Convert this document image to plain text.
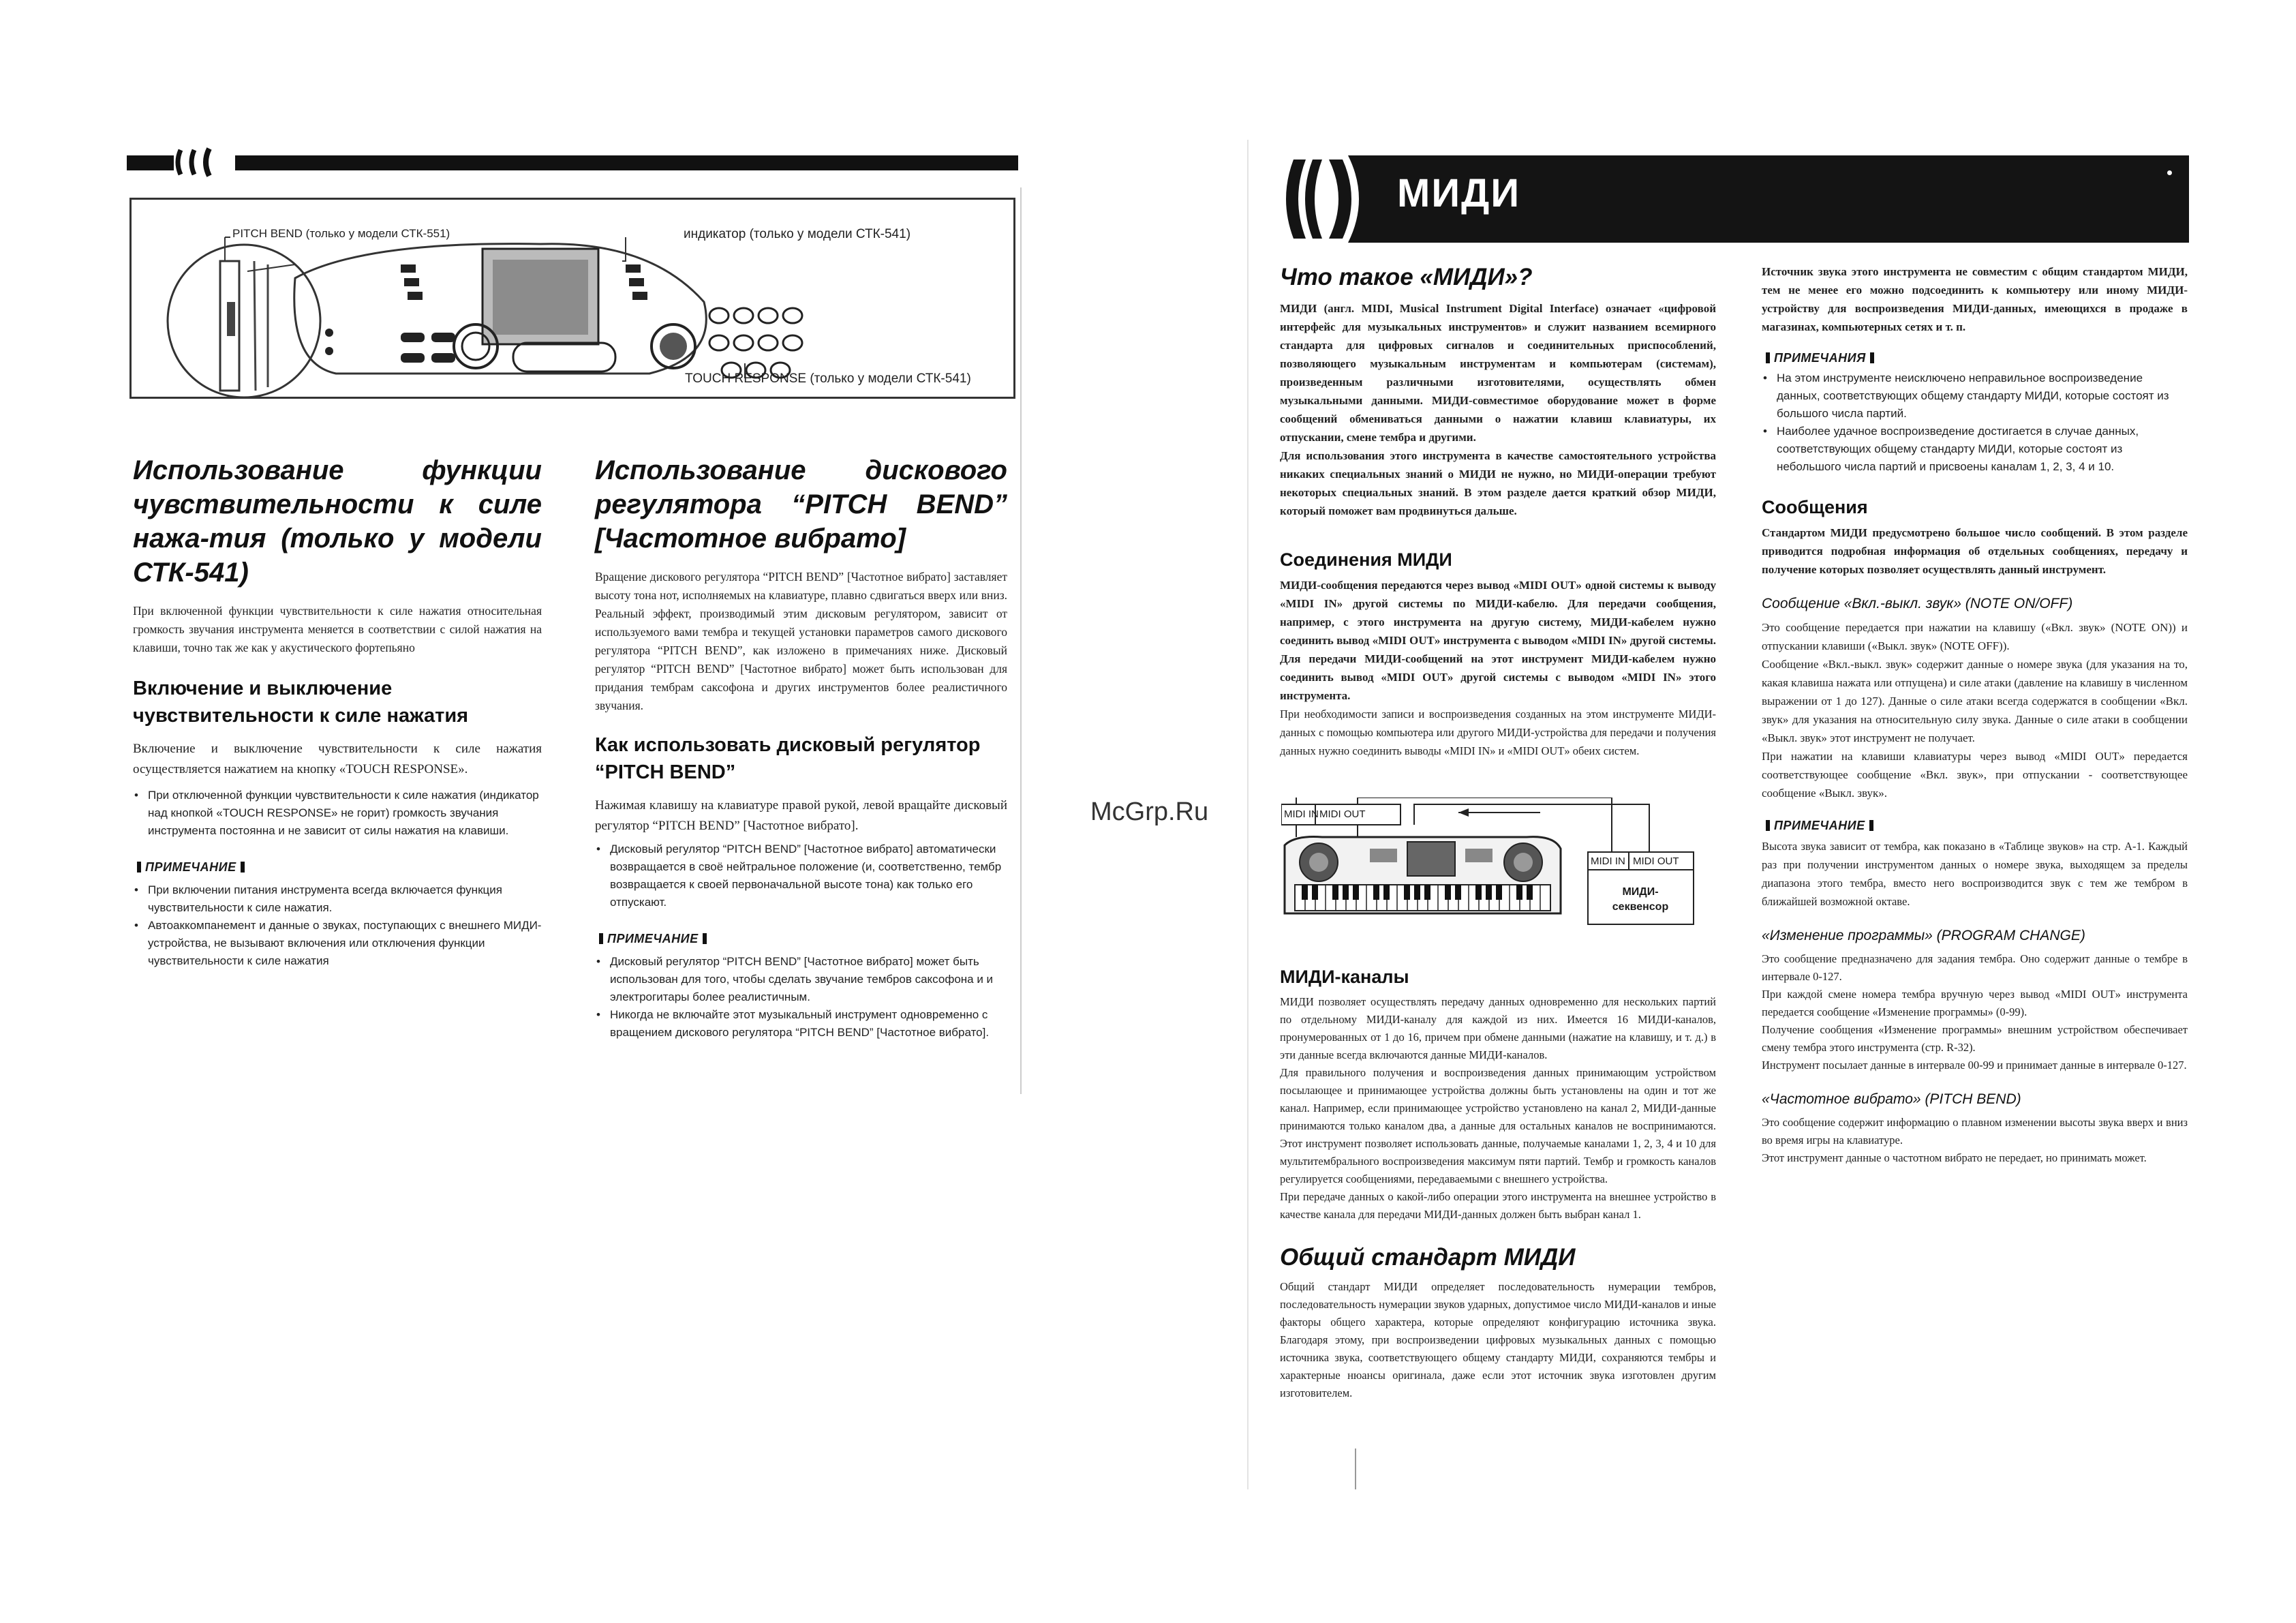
PITCH BEND (только у модели СТК-551)	индикатор (только у модели СТК-541)
TOUCH RESPONSE (только у модели СТК-541)
Использование функции чувствительности к силе нажа-тия (только у модели СТК-541)

При включенной функции чувствительности к силе нажатия относительная громкость звучания инструмента меняется в соответствии с силой нажатия на клавиши, точно так же как у акустического фортепьяно

Включение и выключение чувствительности к силе нажатия

Включение и выключение чувствительности к силе нажатия осуществляется нажатием на кнопку «TOUCH RESPONSE».

• При отключенной функции чувствительности к силе нажатия (индикатор над кнопкой «TOUCH RESPONSE» не горит) громкость звучания инструмента постоянна и не зависит от силы нажатия на клавиши.
ПРИМЕЧАНИЕ
• При включении питания инструмента всегда включается функция чувствительности к силе нажатия.
• Автоаккомпанемент и данные о звуках, поступающих с внешнего МИДИ-устройства, не вызывают включения или отключения функции чувствительности к силе нажатия
Использование дискового
регулятора “PITCH BEND”
[Частотное вибрато]

Вращение дискового регулятора “PITCH BEND” [Частотное вибрато] заставляет высоту тона нот, исполняемых на клавиатуре, плавно сдвигаться вверх или вниз. Реальный эффект, производимый этим дисковым регулятором, зависит от используемого вами тембра и текущей установки параметров самого дискового регулятора “PITCH BEND”, как изложено в примечаниях ниже. Дисковый регулятор “PITCH BEND” [Частотное вибрато] может быть использован для придания тембрам саксофона и других инструментов более реалистичного звучания.

Как использовать дисковый регулятор “PITCH BEND”

Нажимая клавишу на клавиатуре правой рукой, левой вращайте дисковый регулятор “PITCH BEND” [Частотное вибрато].

• Дисковый регулятор “PITCH BEND” [Частотное вибрато] автоматически возвращается в своё нейтральное положение (и, соответственно, тембр возвращается к своей первоначальной высоте тона) как только его отпускают.
ПРИМЕЧАНИЕ
• Дисковый регулятор “PITCH BEND” [Частотное вибрато] может быть использован для того, чтобы сделать звучание тембров саксофона и и электрогитары более реалистичным.
• Никогда не включайте этот музыкальный инструмент одновременно с вращением дискового регулятора “PITCH BEND” [Частотное вибрато].
McGrp.Ru
МИДИ
Что такое «МИДИ»?

МИДИ (англ. MIDI, Musical Instrument Digital Interface) означает «цифровой интерфейс для музыкальных инструментов» и служит названием всемирного стандарта для цифровых сигналов и соединительных приспособлений, позволяющего музыкальным инструментам и компьютерам (системам), произведенным различными изготовителями, осуществлять обмен музыкальными данными. МИДИ-совместимое оборудование может в форме сообщений обмениваться данными о нажатии клавиш клавиатуры, их отпускании, смене тембра и другими.

Для использования этого инструмента в качестве самостоятельного устройства никаких специальных знаний о МИДИ не нужно, но МИДИ-операции требуют некоторых специальных знаний. В этом разделе дается краткий обзор МИДИ, который поможет вам продвинуться дальше.

Соединения МИДИ

МИДИ-сообщения передаются через вывод «MIDI OUT» одной системы к выводу «MIDI IN» другой системы по МИДИ-кабелю. Для передачи сообщения, например, с этого инструмента на другую систему, МИДИ-кабелем нужно соединить вывод «MIDI OUT» инструмента с выводом «MIDI IN» другой системы. Для передачи МИДИ-сообщений на этот инструмент МИДИ-кабелем нужно соединить вывод «MIDI OUT» другой системы с выводом «MIDI IN» этого инструмента.

При необходимости записи и воспроизведения созданных на этом инструменте МИДИ-данных с помощью компьютера или другого МИДИ-устройства для передачи и получения данных нужно соединить выводы «MIDI IN» и «MIDI OUT» обеих систем.

MIDI IN MIDI OUT
MIDI IN MIDI OUT
МИДИ-секвенсор
МИДИ-каналы

МИДИ позволяет осуществлять передачу данных одновременно для нескольких партий по отдельному МИДИ-каналу для каждой из них. Имеется 16 МИДИ-каналов, пронумерованных от 1 до 16, причем при обмене данными (нажатие на клавишу, и т. д.) в эти данные всегда включаются данные МИДИ-каналов.

Для правильного получения и воспроизведения данных принимающим устройством посылающее и принимающее устройства должны быть установлены на один и тот же канал. Например, если принимающее устройство установлено на канал 2, МИДИ-данные принимаются только каналом два, а данные для остальных каналов не воспринимаются. Этот инструмент позволяет использовать данные, получаемые каналами 1, 2, 3, 4 и 10 для мультитембрального воспроизведения максимум пяти партий. Тембр и громкость каналов регулируется сообщениями, передаваемыми с внешнего устройства.

При передаче данных о какой-либо операции этого инструмента на внешнее устройство в качестве канала для передачи МИДИ-данных должен быть выбран канал 1.

Общий стандарт МИДИ

Общий стандарт МИДИ определяет последовательность нумерации тембров, последовательность нумерации звуков ударных, допустимое число МИДИ-каналов и иные факторы общего характера, которые определяют конфигурацию источника звука. Благодаря этому, при воспроизведении цифровых музыкальных данных с помощью источника звука, соответствующего общему стандарту МИДИ, сохраняются тембры и характерные нюансы оригинала, даже если этот источник звука изготовлен другим изготовителем.

Источник звука этого инструмента не совместим с общим стандартом МИДИ, тем не менее его можно подсоединить к компьютеру или иному МИДИ-устройству для воспроизведения МИДИ-данных, имеющихся в продаже в магазинах, компьютерных сетях и т. п.

ПРИМЕЧАНИЯ
• На этом инструменте неисключено неправильное воспроизведение данных, соответствующих общему стандарту МИДИ, которые состоят из большого числа партий.
• Наиболее удачное воспроизведение достигается в случае данных, соответствующих общему стандарту МИДИ, которые состоят из небольшого числа партий и присвоены каналам 1, 2, 3, 4 и 10.
Сообщения

Стандартом МИДИ предусмотрено большое число сообщений. В этом разделе приводится подробная информация об отдельных сообщениях, передачу и получение которых позволяет осуществлять данный инструмент.

Сообщение «Вкл.-выкл. звук» (NOTE ON/OFF)

Это сообщение передается при нажатии на клавишу («Вкл. звук» (NOTE ON)) и отпускании клавиши («Выкл. звук» (NOTE OFF)).

Сообщение «Вкл.-выкл. звук» содержит данные о номере звука (для указания на то, какая клавиша нажата или отпущена) и силе атаки (давление на клавишу в численном выражении от 1 до 127). Данные о силе атаки всегда содержатся в сообщении «Вкл. звук» для указания на относительную силу звука. Данные о силе атаки в сообщении «Выкл. звук» этот инструмент не получает.

При нажатии на клавиши клавиатуры через вывод «MIDI OUT» передается соответствующее сообщение «Вкл. звук», при отпускании - соответствующее сообщение «Выкл. звук».

ПРИМЕЧАНИЕ

Высота звука зависит от тембра, как показано в «Таблице звуков» на стр. А-1. Каждый раз при получении инструментом данных о номере звука, выходящем за пределы диапазона этого тембра, вместо него воспроизводится звук с тем же тембром в ближайшей возможной октаве.

«Изменение программы» (PROGRAM CHANGE)

Это сообщение предназначено для задания тембра. Оно содержит данные о тембре в интервале 0-127.

При каждой смене номера тембра вручную через вывод «MIDI OUT» инструмента передается сообщение «Изменение программы» (0-99).

Получение сообщения «Изменение программы» внешним устройством обеспечивает смену тембра этого инструмента (стр. R-32).

Инструмент посылает данные в интервале 00-99 и принимает данные в интервале 0-127.

«Частотное вибрато» (PITCH BEND)

Это сообщение содержит информацию о плавном изменении высоты звука вверх и вниз во время игры на клавиатуре.

Этот инструмент данные о частотном вибрато не передает, но принимать может.
